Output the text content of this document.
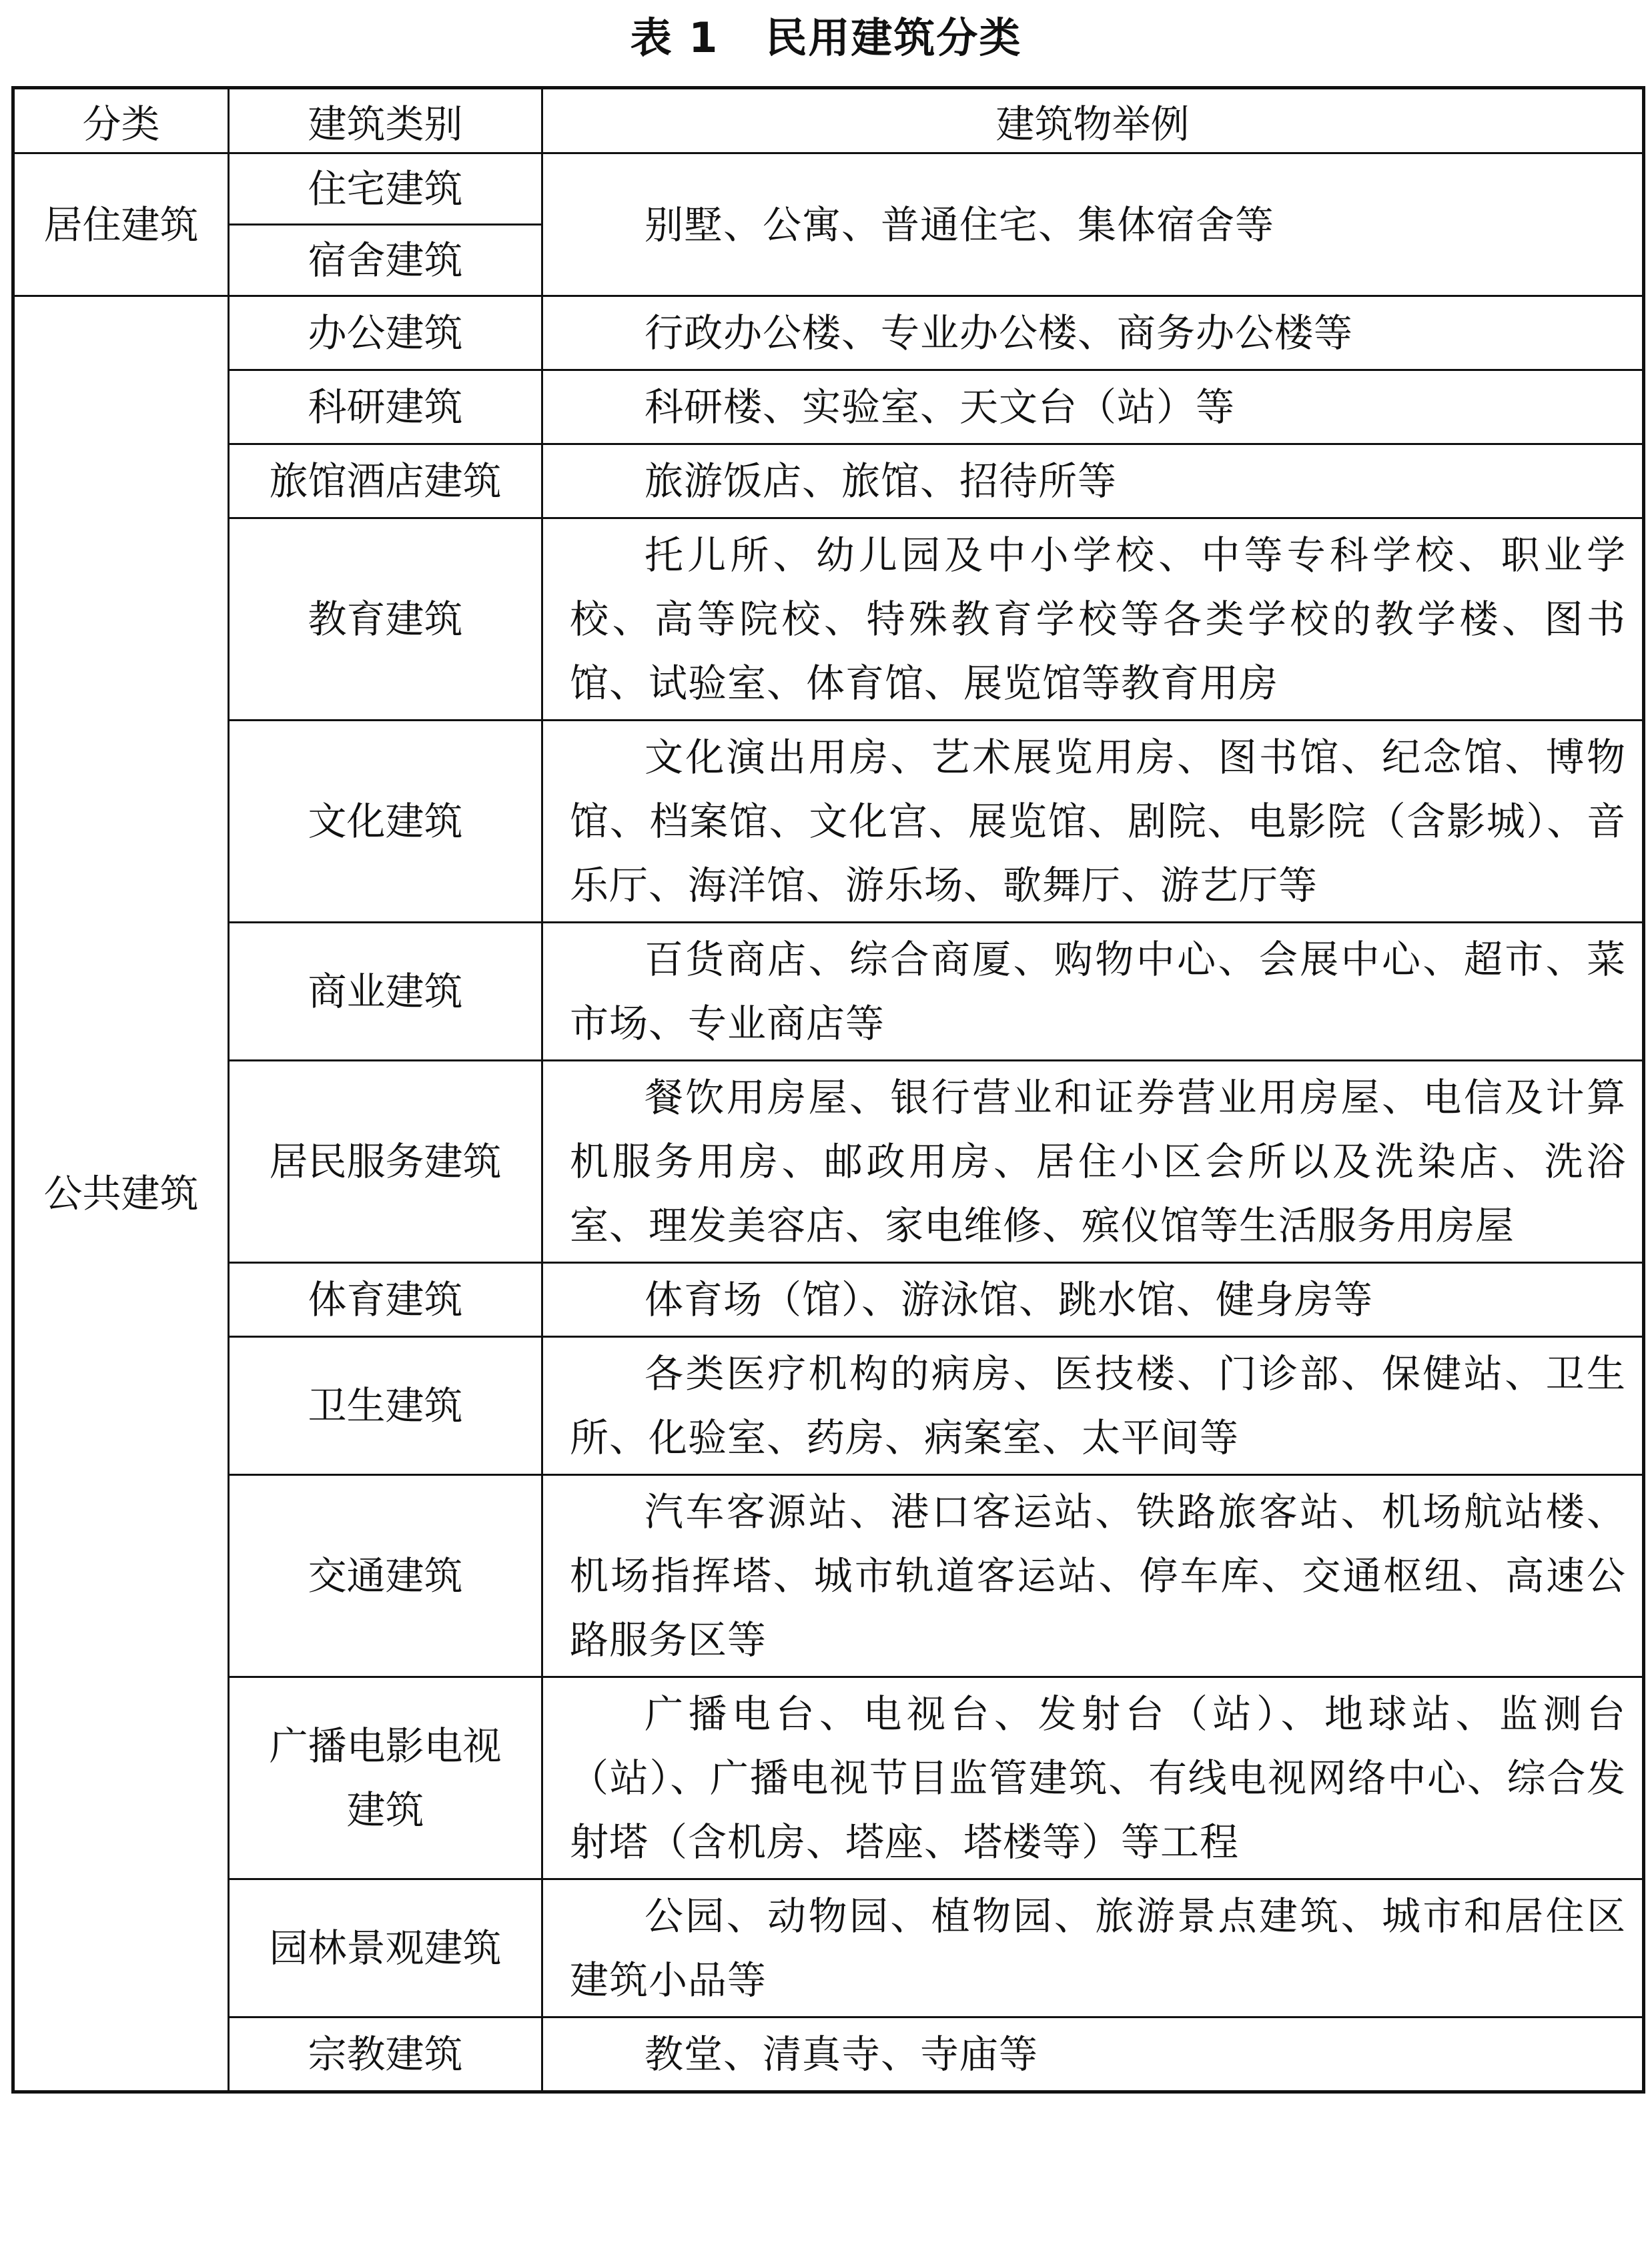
表 1 民用建筑分类
分类	建筑类别	建筑物举例
居住建筑	住宅建筑	别墅、公寓、普通住宅、集体宿舍等
	宿舍建筑	
公共建筑	办公建筑	行政办公楼、专业办公楼、商务办公楼等
	科研建筑	科研楼、实验室、天文台（站）等
	旅馆酒店建筑	旅游饭店、旅馆、招待所等
	教育建筑	托儿所、幼儿园及中小学校、中等专科学校、职业学校、高等院校、特殊教育学校等各类学校的教学楼、图书馆、试验室、体育馆、展览馆等教育用房
	文化建筑	文化演出用房、艺术展览用房、图书馆、纪念馆、博物馆、档案馆、文化宫、展览馆、剧院、电影院（含影城）、音乐厅、海洋馆、游乐场、歌舞厅、游艺厅等
	商业建筑	百货商店、综合商厦、购物中心、会展中心、超市、菜市场、专业商店等
	居民服务建筑	餐饮用房屋、银行营业和证券营业用房屋、电信及计算机服务用房、邮政用房、居住小区会所以及洗染店、洗浴室、理发美容店、家电维修、殡仪馆等生活服务用房屋
	体育建筑	体育场（馆）、游泳馆、跳水馆、健身房等
	卫生建筑	各类医疗机构的病房、医技楼、门诊部、保健站、卫生所、化验室、药房、病案室、太平间等
	交通建筑	汽车客源站、港口客运站、铁路旅客站、机场航站楼、机场指挥塔、城市轨道客运站、停车库、交通枢纽、高速公路服务区等
	广播电影电视建筑	广播电台、电视台、发射台（站）、地球站、监测台（站）、广播电视节目监管建筑、有线电视网络中心、综合发射塔（含机房、塔座、塔楼等）等工程
	园林景观建筑	公园、动物园、植物园、旅游景点建筑、城市和居住区建筑小品等
	宗教建筑	教堂、清真寺、寺庙等
